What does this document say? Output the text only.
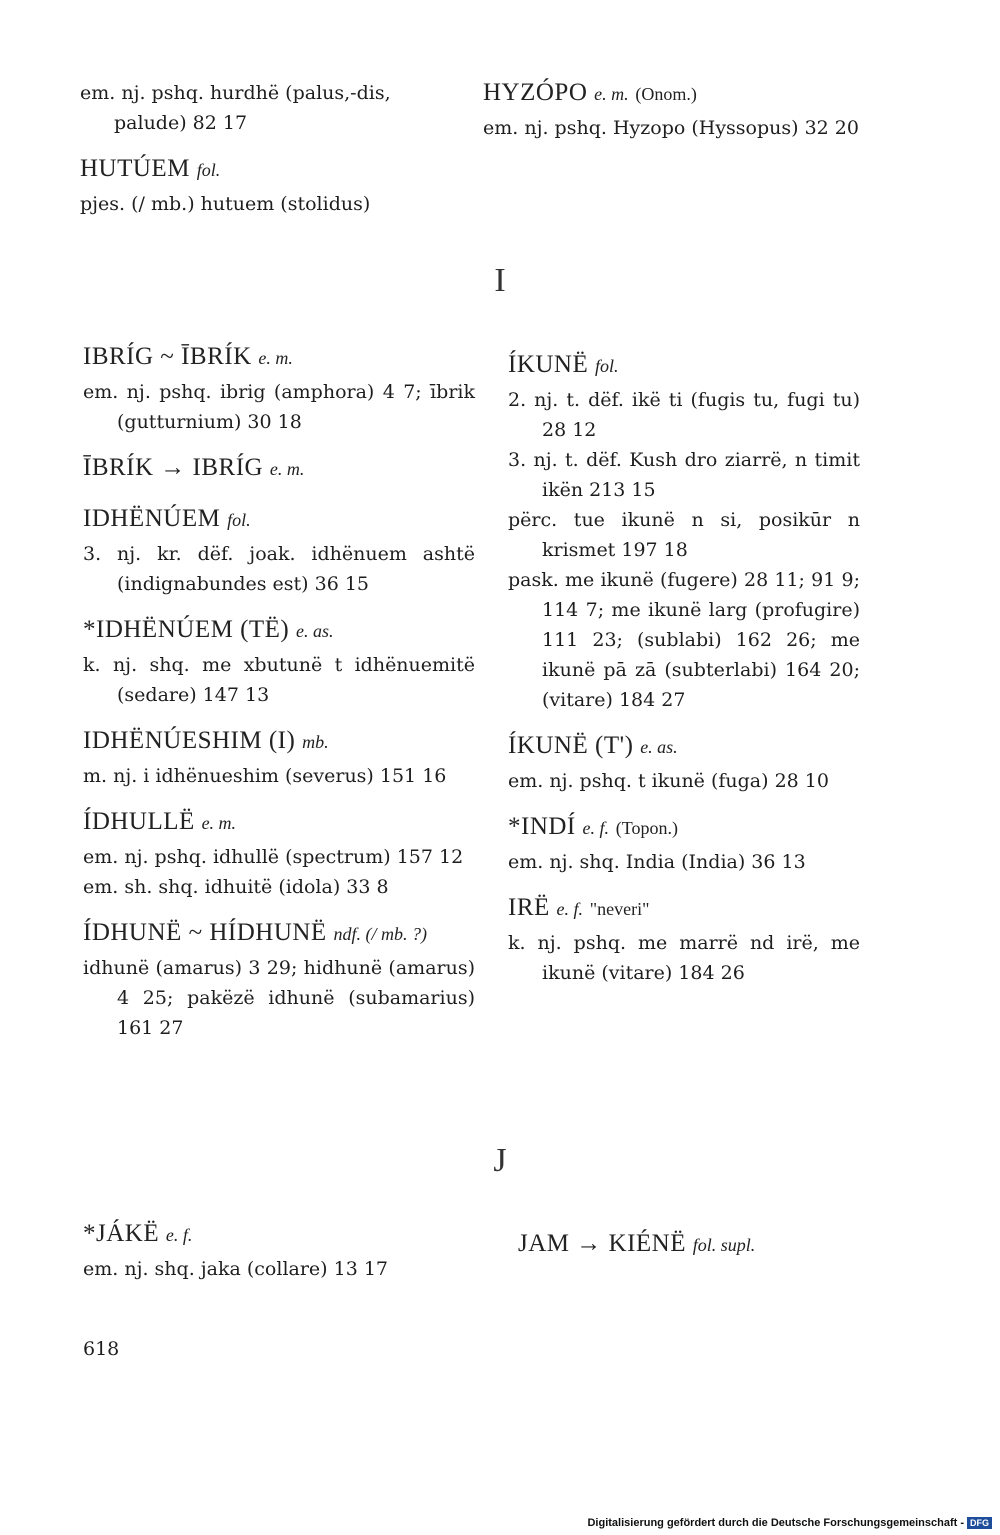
em. nj. pshq. hurdhë (palus,-dis,

palude) 82 17

HUTÚEM fol.

pjes. (/ mb.) hutuem (stolidus)

HYZÓPO e. m. (Onom.)

em. nj. pshq. Hyzopo (Hyssopus) 32 20

I
IBRÍG ~ ĪBRÍK e. m.

em. nj. pshq. ibrig (amphora) 4 7; ībrik (gutturnium) 30 18

ĪBRÍK → IBRÍG e. m.
IDHËNÚEM fol.

3. nj. kr. dëf. joak. idhënuem ashtë (indignabundes est) 36 15

*IDHËNÚEM (TË) e. as.

k. nj. shq. me xbutunë t idhënuemitë (sedare) 147 13

IDHËNÚESHIM (I) mb.

m. nj. i idhënueshim (severus) 151 16

ÍDHULLË e. m.

em. nj. pshq. idhullë (spectrum) 157 12

em. sh. shq. idhuitë (idola) 33 8

ÍDHUNË ~ HÍDHUNË ndf. (/ mb. ?)

idhunë (amarus) 3 29; hidhunë (amarus) 4 25; pakëzë idhunë (subamarius) 161 27

ÍKUNË fol.

2. nj. t. dëf. ikë ti (fugis tu, fugi tu) 28 12

3. nj. t. dëf. Kush dro ziarrë, n timit ikën 213 15

përc. tue ikunë n si, posikūr n krismet 197 18

pask. me ikunë (fugere) 28 11; 91 9; 114 7; me ikunë larg (profugire) 111 23; (sublabi) 162 26; me ikunë pā zā (subterlabi) 164 20; (vitare) 184 27

ÍKUNË (T') e. as.

em. nj. pshq. t ikunë (fuga) 28 10

*INDÍ e. f. (Topon.)

em. nj. shq. India (India) 36 13

IRË e. f. "neveri"

k. nj. pshq. me marrë nd irë, me ikunë (vitare) 184 26

J
*JÁKË e. f.

em. nj. shq. jaka (collare) 13 17

JAM → KIÉNË fol. supl.
618
Digitalisierung gefördert durch die Deutsche Forschungsgemeinschaft - DFG
